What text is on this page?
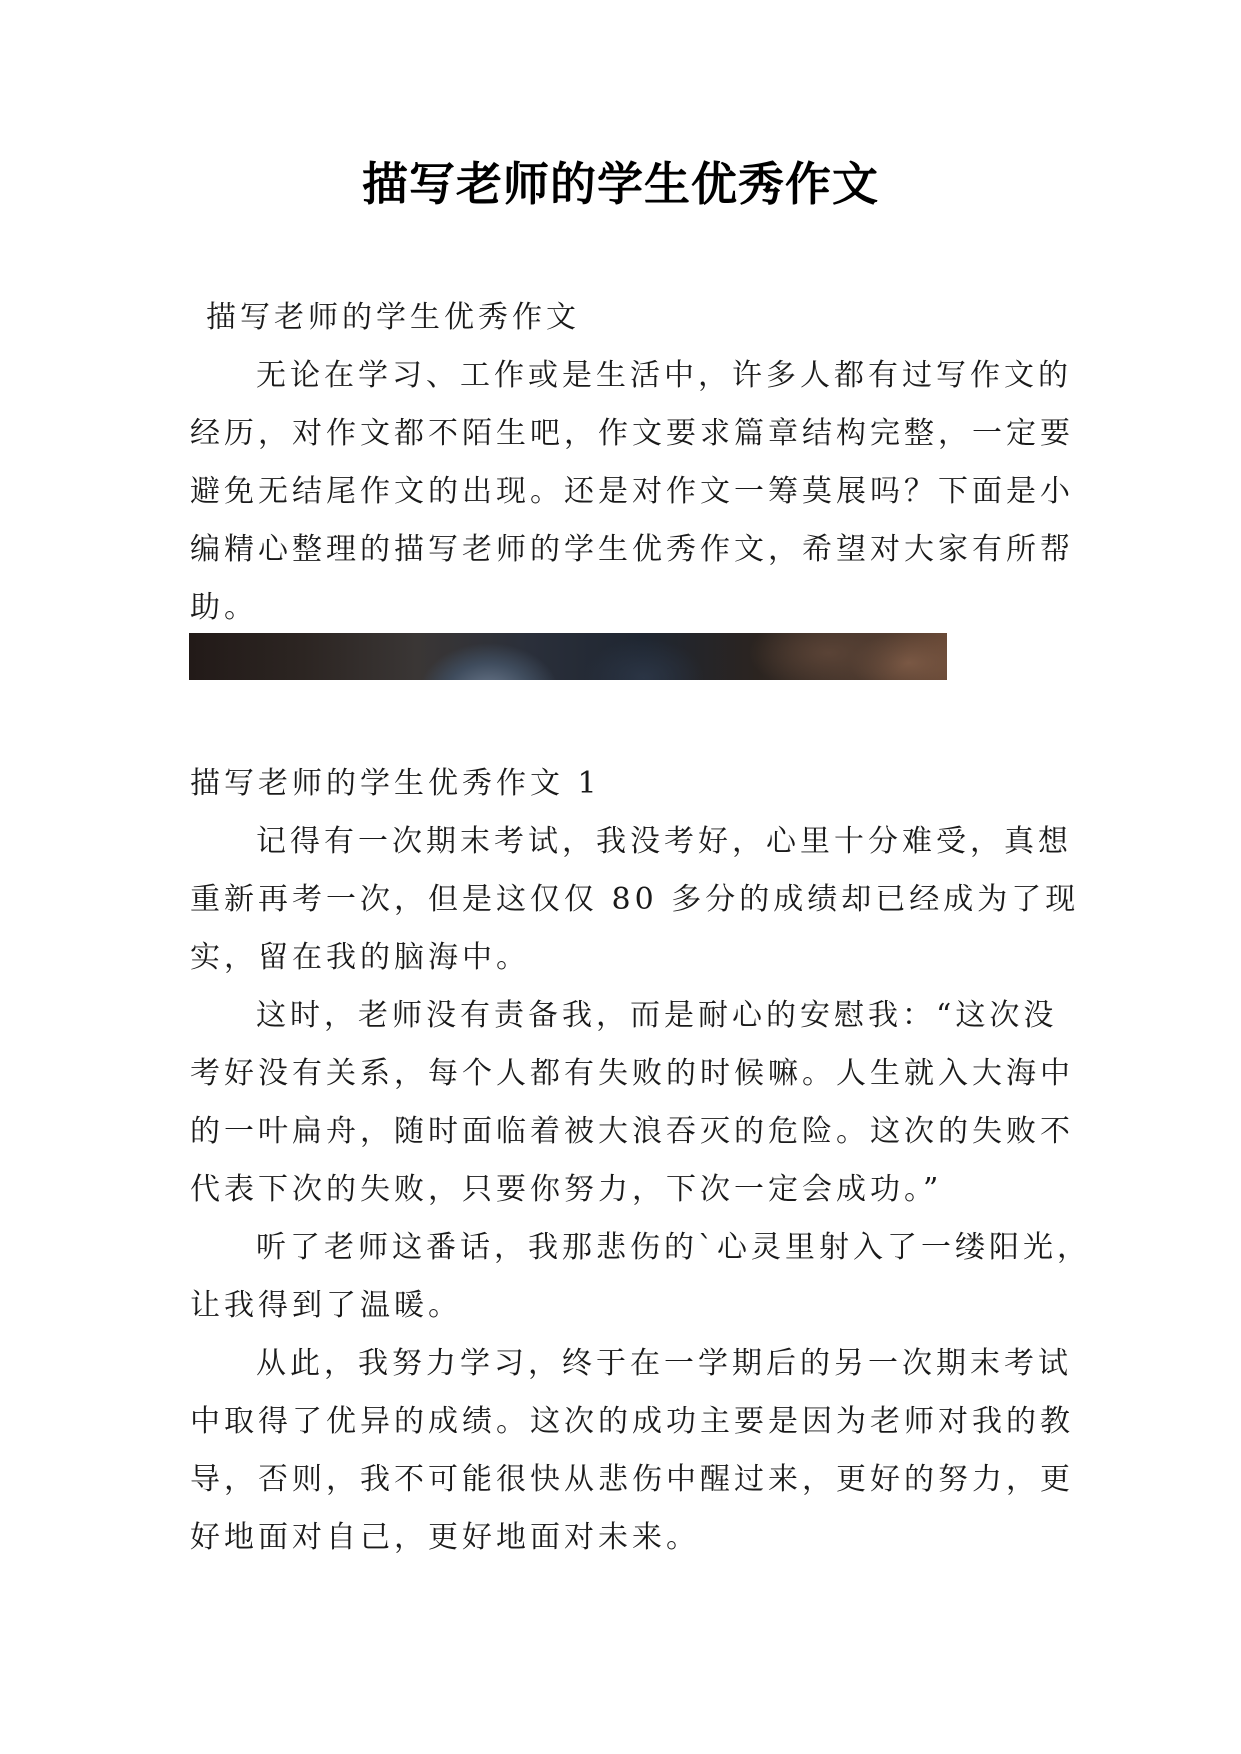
描写老师的学生优秀作文
描写老师的学生优秀作文
无论在学习、工作或是生活中，许多人都有过写作文的
经历，对作文都不陌生吧，作文要求篇章结构完整，一定要
避免无结尾作文的出现。还是对作文一筹莫展吗？下面是小
编精心整理的描写老师的学生优秀作文，希望对大家有所帮
助。
描写老师的学生优秀作文 1
记得有一次期末考试，我没考好，心里十分难受，真想
重新再考一次，但是这仅仅 80 多分的成绩却已经成为了现
实，留在我的脑海中。
这时，老师没有责备我，而是耐心的安慰我：“这次没
考好没有关系，每个人都有失败的时候嘛。人生就入大海中
的一叶扁舟，随时面临着被大浪吞灭的危险。这次的失败不
代表下次的失败，只要你努力，下次一定会成功。”
听了老师这番话，我那悲伤的`心灵里射入了一缕阳光，
让我得到了温暖。
从此，我努力学习，终于在一学期后的另一次期末考试
中取得了优异的成绩。这次的成功主要是因为老师对我的教
导，否则，我不可能很快从悲伤中醒过来，更好的努力，更
好地面对自己，更好地面对未来。
